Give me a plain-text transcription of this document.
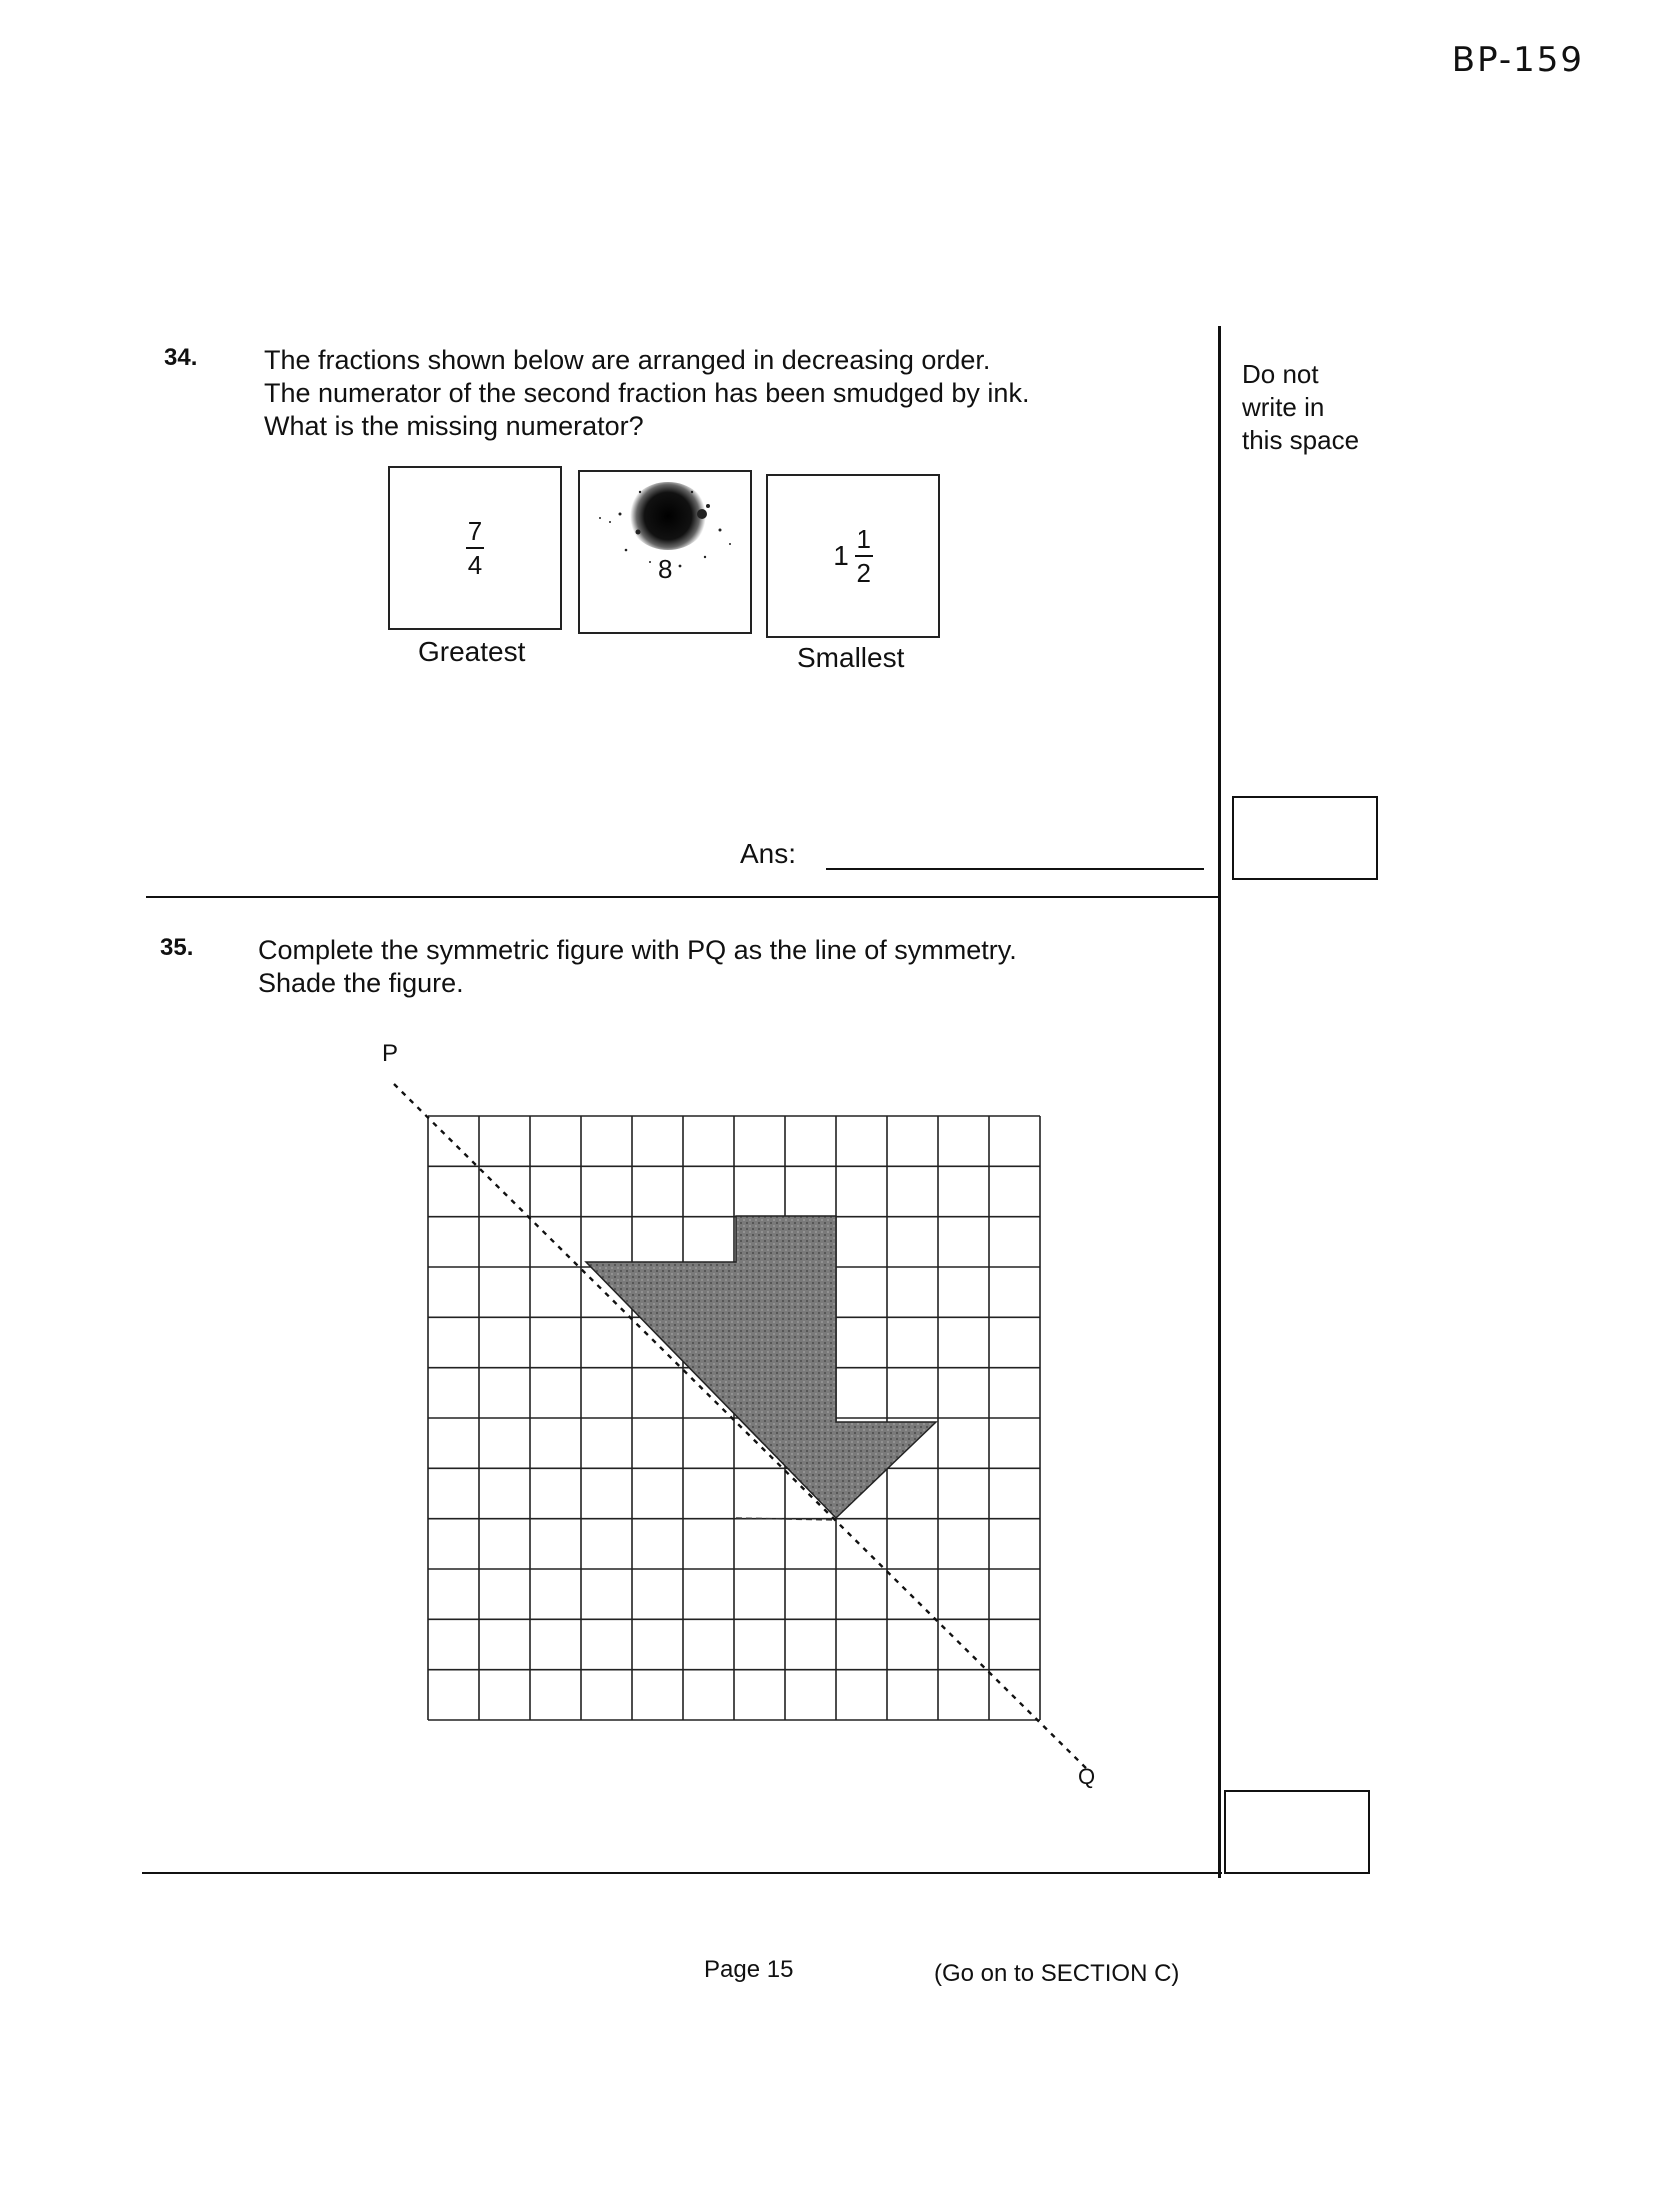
BP-159
Do not
write in
this space
34. The fractions shown below are arranged in decreasing order.
The numerator of the second fraction has been smudged by ink.
What is the missing numerator?
$\frac{7}{4}$	8	$1 \frac{1}{2}$
Greatest	Smallest
Ans:
35. Complete the symmetric figure with PQ as the line of symmetry.
Shade the figure.
P
Q
Page 15	(Go on to SECTION C)
